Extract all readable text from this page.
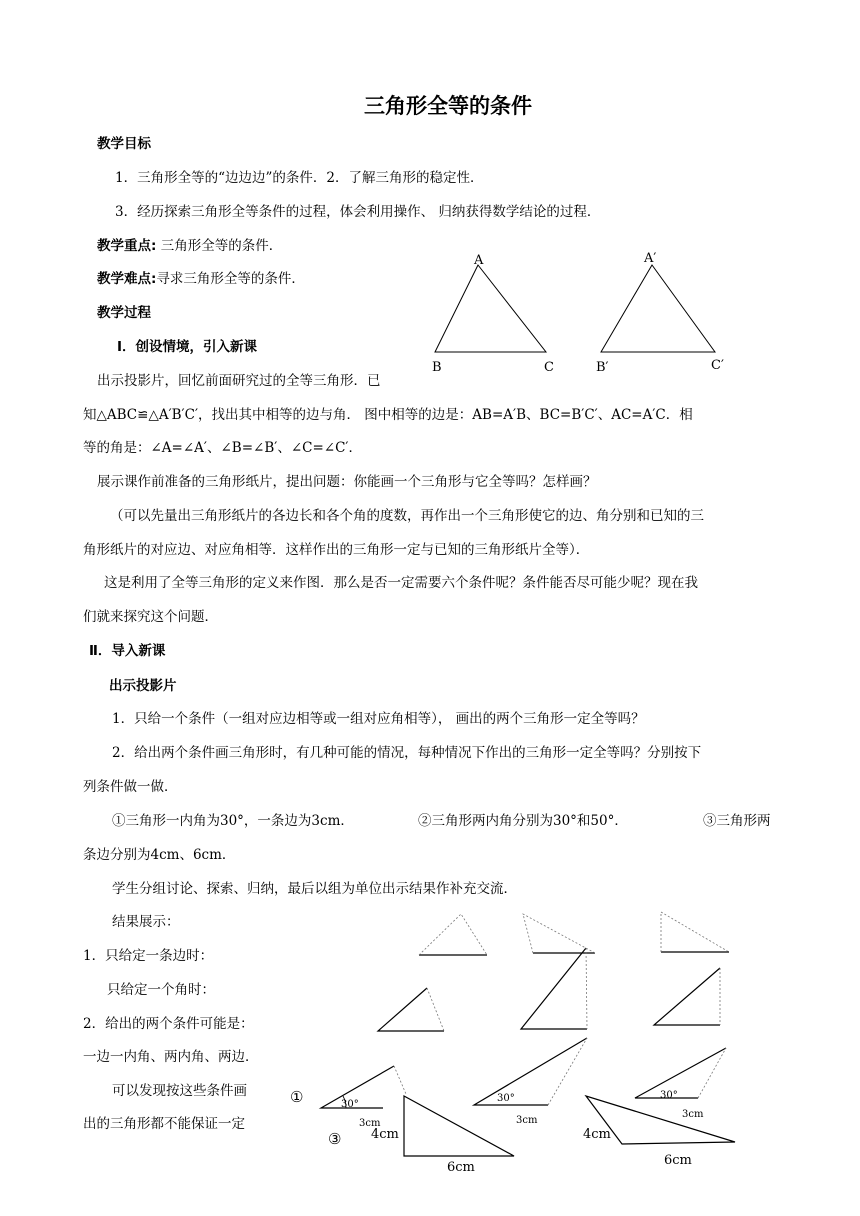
三角形全等的条件
教学目标
1．三角形全等的“边边边”的条件．2．了解三角形的稳定性．
3．经历探索三角形全等条件的过程，体会利用操作、 归纳获得数学结论的过程．
教学重点: 三角形全等的条件．
教学难点:寻求三角形全等的条件．
教学过程
Ⅰ．创设情境，引入新课
A
B	C
A′
B′	C′
出示投影片，回忆前面研究过的全等三角形．已
知△ABC≌△A′B′C′，找出其中相等的边与角． 图中相等的边是：AB=A′B、BC=B′C′、AC=A′C．相
等的角是：∠A=∠A′、∠B=∠B′、∠C=∠C′．
展示课作前准备的三角形纸片，提出问题：你能画一个三角形与它全等吗？怎样画？
（可以先量出三角形纸片的各边长和各个角的度数，再作出一个三角形使它的边、角分别和已知的三
角形纸片的对应边、对应角相等．这样作出的三角形一定与已知的三角形纸片全等）．
这是利用了全等三角形的定义来作图．那么是否一定需要六个条件呢？条件能否尽可能少呢？现在我
们就来探究这个问题．
Ⅱ．导入新课
出示投影片
1．只给一个条件（一组对应边相等或一组对应角相等）， 画出的两个三角形一定全等吗？
2．给出两个条件画三角形时，有几种可能的情况，每种情况下作出的三角形一定全等吗？分别按下
列条件做一做．
①三角形一内角为30°，一条边为3cm．	②三角形两内角分别为30°和50°．	③三角形两
条边分别为4cm、6cm．
学生分组讨论、探索、归纳，最后以组为单位出示结果作补充交流．
结果展示：
1．只给定一条边时：
只给定一个角时：
2．给出的两个条件可能是：
一边一内角、两内角、两边．
可以发现按这些条件画
出的三角形都不能保证一定
①
③
30°
3cm
30°
3cm
30°
3cm
4cm
6cm
4cm
6cm
